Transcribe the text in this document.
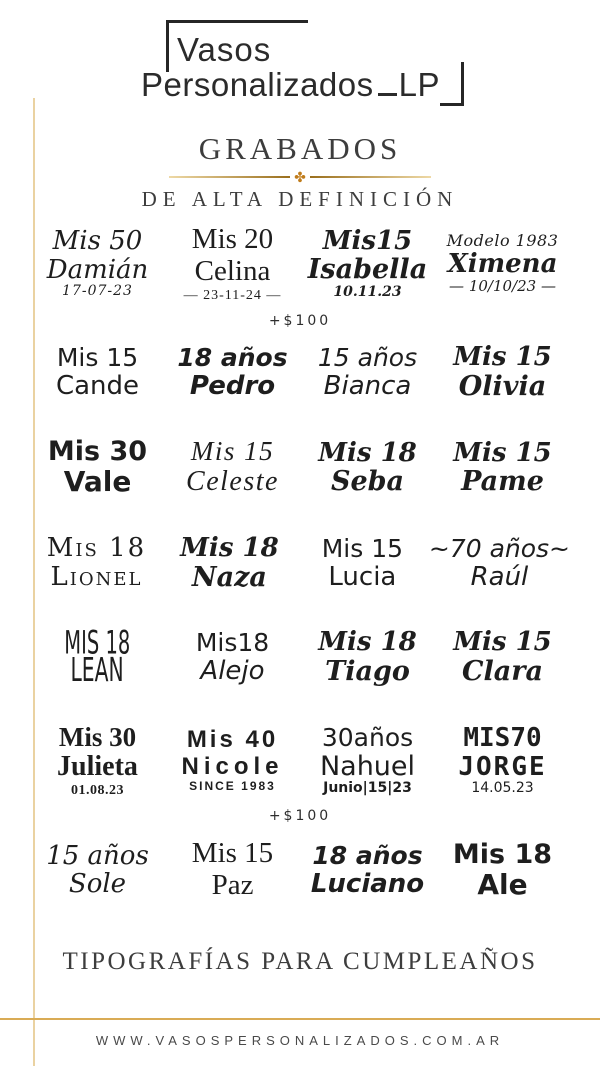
Vasos
Personalizados LP
GRABADOS
✤
DE ALTA DEFINICIÓN
Mis 50
Damián
17-07-23
Mis 20
Celina
— 23-11-24 —
Mis15
Isabella
10.11.23
Modelo 1983
Ximena
— 10/10/23 —
+$100
Mis 15
Cande
18 años
Pedro
15 años
Bianca
Mis 15
Olivia
Mis 30
Vale
Mis 15
Celeste
Mis 18
Seba
Mis 15
Pame
Mis 18
Lionel
Mis 18
Naza
Mis 15
Lucia
~70 años~
Raúl
MIS 18
LEAN
Mis18
Alejo
Mis 18
Tiago
Mis 15
Clara
Mis 30
Julieta
01.08.23
Mis 40
Nicole
SINCE 1983
30años
Nahuel
Junio|15|23
MIS70
JORGE
14.05.23
+$100
15 años
Sole
Mis 15
Paz
18 años
Luciano
Mis 18
Ale
TIPOGRAFÍAS PARA CUMPLEAÑOS
WWW.VASOSPERSONALIZADOS.COM.AR
